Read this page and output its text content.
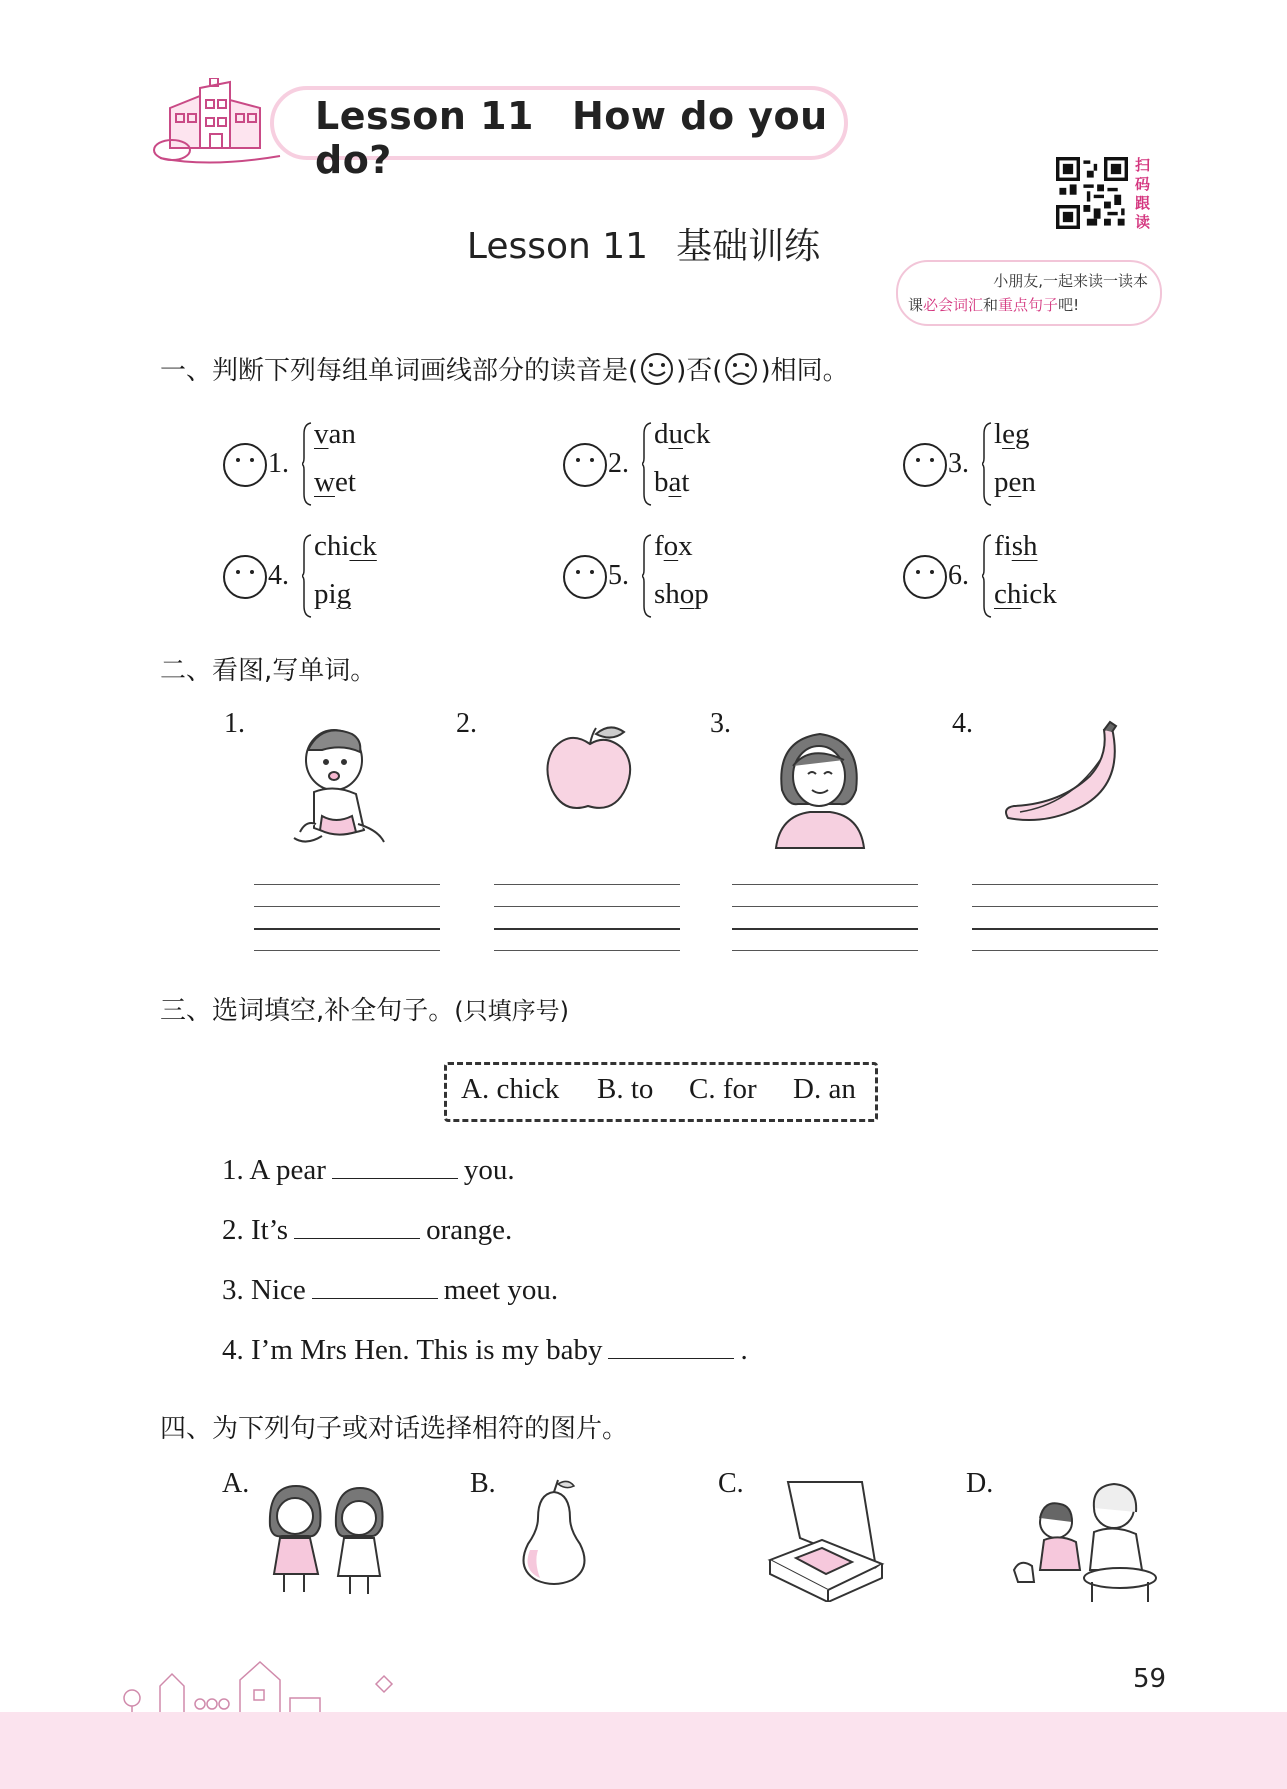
Lesson 11 How do you do?
Lesson 11 基础训练
扫
码
跟
读
小朋友,一起来读一读本
课必会词汇和重点句子吧!
一、判断下列每组单词画线部分的读音是( )否( )相同。
1.
van
wet
2.
duck
bat
3.
leg
pen
4.
chick
pig
5.
fox
shop
6.
fish
chick
二、看图,写单词。
1.	2.	3.	4.
三、选词填空,补全句子。(只填序号)
A. chick B. to C. for D. an
1. A pear	you.
2. It’s	orange.
3. Nice	meet you.
4. I’m Mrs Hen. This is my baby	.
四、为下列句子或对话选择相符的图片。
A.	B.	C.	D.
59
